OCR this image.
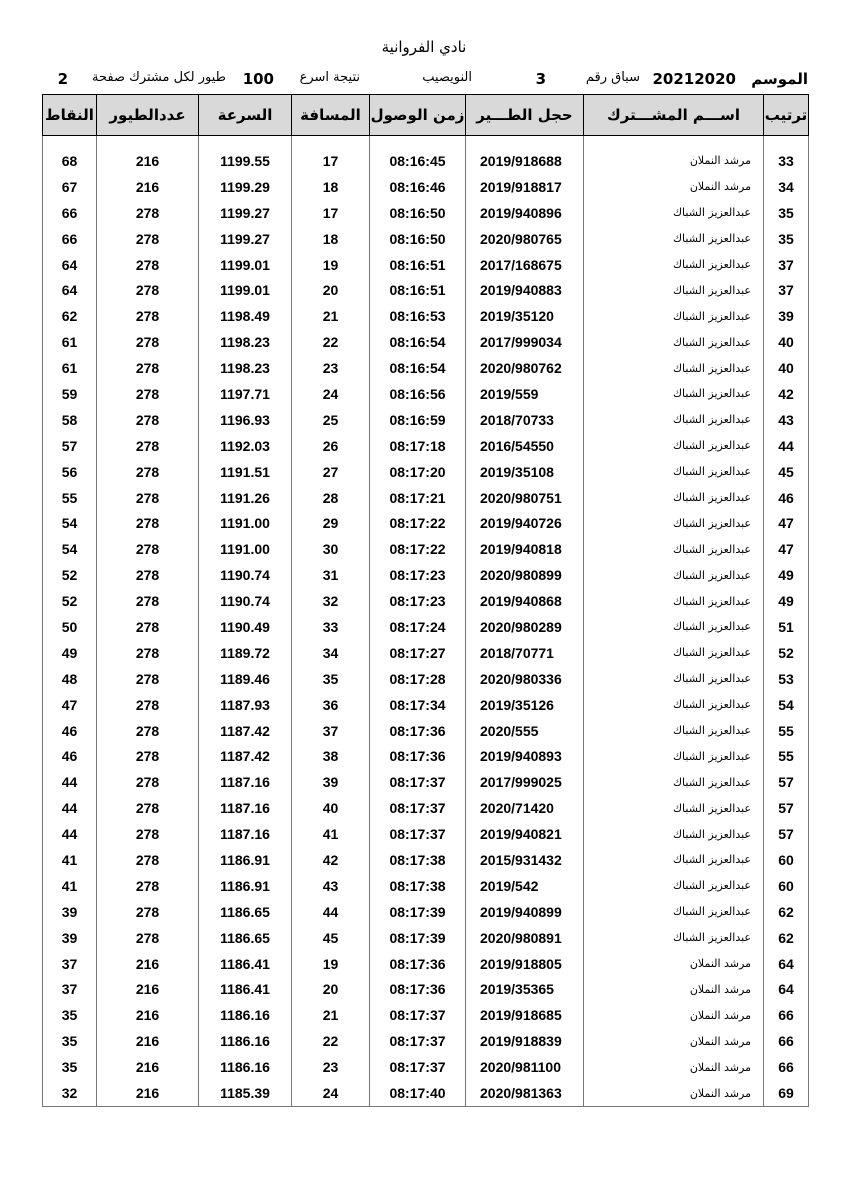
نادي الفروانية
الموسم
20212020
سباق رقم
3
النويصيب
نتيجة اسرع
100
طيور لكل مشترك صفحة
2
ترتيب	اســـم المشـــترك	حجل الطـــير	زمن الوصول	المسافة	السرعة	عددالطيور	النقاط

33	مرشد النملان	2019/918688	08:16:45	17	1199.55	216	68
34	مرشد النملان	2019/918817	08:16:46	18	1199.29	216	67
35	عبدالعزيز الشباك	2019/940896	08:16:50	17	1199.27	278	66
35	عبدالعزيز الشباك	2020/980765	08:16:50	18	1199.27	278	66
37	عبدالعزيز الشباك	2017/168675	08:16:51	19	1199.01	278	64
37	عبدالعزيز الشباك	2019/940883	08:16:51	20	1199.01	278	64
39	عبدالعزيز الشباك	2019/35120	08:16:53	21	1198.49	278	62
40	عبدالعزيز الشباك	2017/999034	08:16:54	22	1198.23	278	61
40	عبدالعزيز الشباك	2020/980762	08:16:54	23	1198.23	278	61
42	عبدالعزيز الشباك	2019/559	08:16:56	24	1197.71	278	59
43	عبدالعزيز الشباك	2018/70733	08:16:59	25	1196.93	278	58
44	عبدالعزيز الشباك	2016/54550	08:17:18	26	1192.03	278	57
45	عبدالعزيز الشباك	2019/35108	08:17:20	27	1191.51	278	56
46	عبدالعزيز الشباك	2020/980751	08:17:21	28	1191.26	278	55
47	عبدالعزيز الشباك	2019/940726	08:17:22	29	1191.00	278	54
47	عبدالعزيز الشباك	2019/940818	08:17:22	30	1191.00	278	54
49	عبدالعزيز الشباك	2020/980899	08:17:23	31	1190.74	278	52
49	عبدالعزيز الشباك	2019/940868	08:17:23	32	1190.74	278	52
51	عبدالعزيز الشباك	2020/980289	08:17:24	33	1190.49	278	50
52	عبدالعزيز الشباك	2018/70771	08:17:27	34	1189.72	278	49
53	عبدالعزيز الشباك	2020/980336	08:17:28	35	1189.46	278	48
54	عبدالعزيز الشباك	2019/35126	08:17:34	36	1187.93	278	47
55	عبدالعزيز الشباك	2020/555	08:17:36	37	1187.42	278	46
55	عبدالعزيز الشباك	2019/940893	08:17:36	38	1187.42	278	46
57	عبدالعزيز الشباك	2017/999025	08:17:37	39	1187.16	278	44
57	عبدالعزيز الشباك	2020/71420	08:17:37	40	1187.16	278	44
57	عبدالعزيز الشباك	2019/940821	08:17:37	41	1187.16	278	44
60	عبدالعزيز الشباك	2015/931432	08:17:38	42	1186.91	278	41
60	عبدالعزيز الشباك	2019/542	08:17:38	43	1186.91	278	41
62	عبدالعزيز الشباك	2019/940899	08:17:39	44	1186.65	278	39
62	عبدالعزيز الشباك	2020/980891	08:17:39	45	1186.65	278	39
64	مرشد النملان	2019/918805	08:17:36	19	1186.41	216	37
64	مرشد النملان	2019/35365	08:17:36	20	1186.41	216	37
66	مرشد النملان	2019/918685	08:17:37	21	1186.16	216	35
66	مرشد النملان	2019/918839	08:17:37	22	1186.16	216	35
66	مرشد النملان	2020/981100	08:17:37	23	1186.16	216	35
69	مرشد النملان	2020/981363	08:17:40	24	1185.39	216	32
